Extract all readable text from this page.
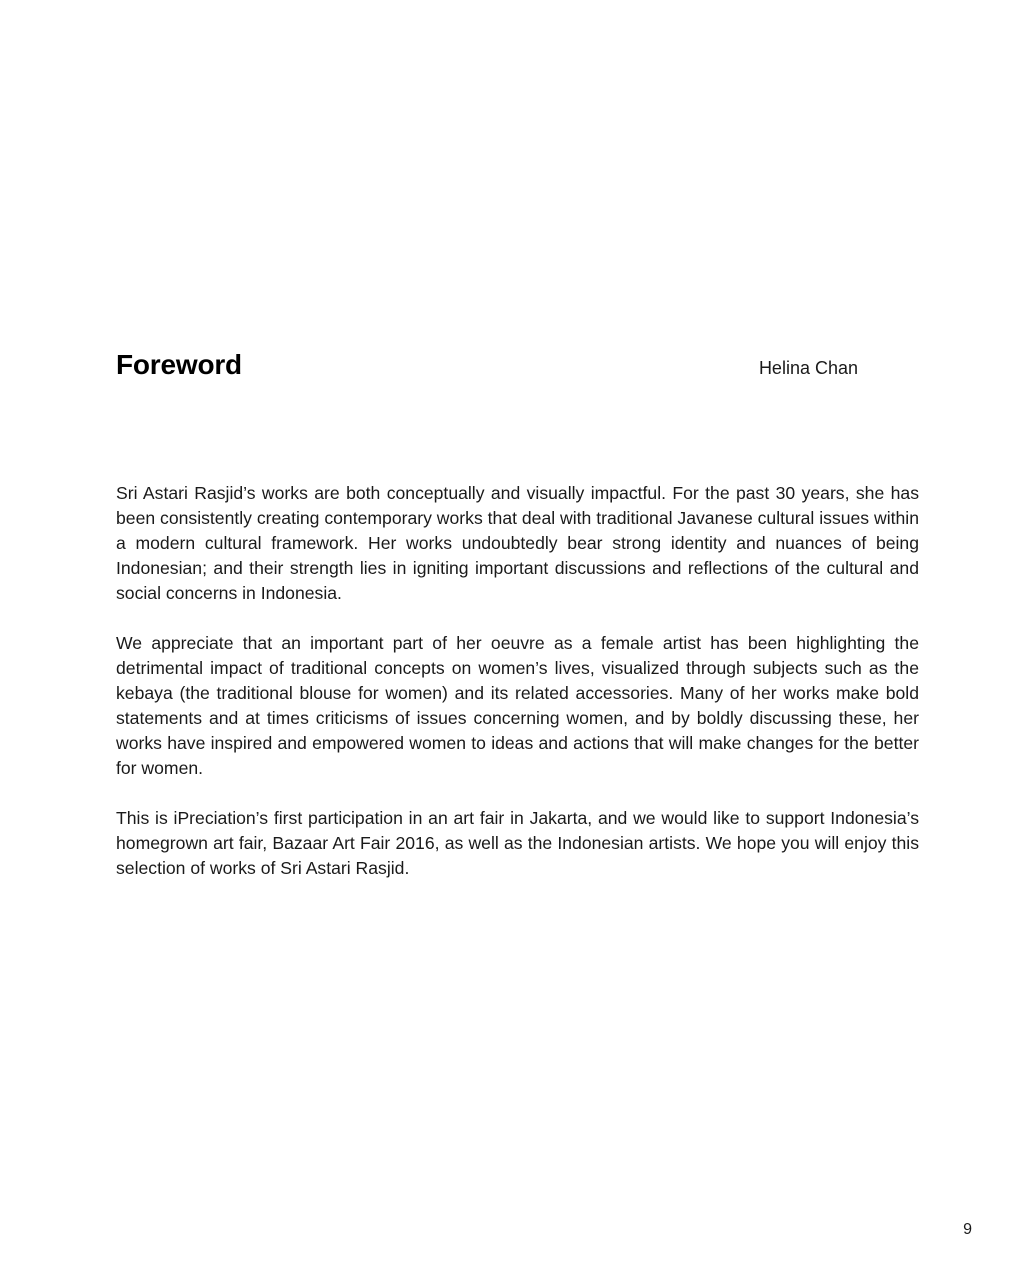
Foreword	Helina Chan

Sri Astari Rasjid’s works are both conceptually and visually impactful. For the past 30 years, she has been consistently creating contemporary works that deal with traditional Javanese cultural issues within a modern cultural framework. Her works undoubtedly bear strong identity and nuances of being Indonesian; and their strength lies in igniting important discussions and reflections of the cultural and social concerns in Indonesia.

We appreciate that an important part of her oeuvre as a female artist has been highlighting the detrimental impact of traditional concepts on women’s lives, visualized through subjects such as the kebaya (the traditional blouse for women) and its related accessories. Many of her works make bold statements and at times criticisms of issues concerning women, and by boldly discussing these, her works have inspired and empowered women to ideas and actions that will make changes for the better for women.

This is iPreciation’s first participation in an art fair in Jakarta, and we would like to support Indonesia’s homegrown art fair, Bazaar Art Fair 2016, as well as the Indonesian artists. We hope you will enjoy this selection of works of Sri Astari Rasjid.

9
